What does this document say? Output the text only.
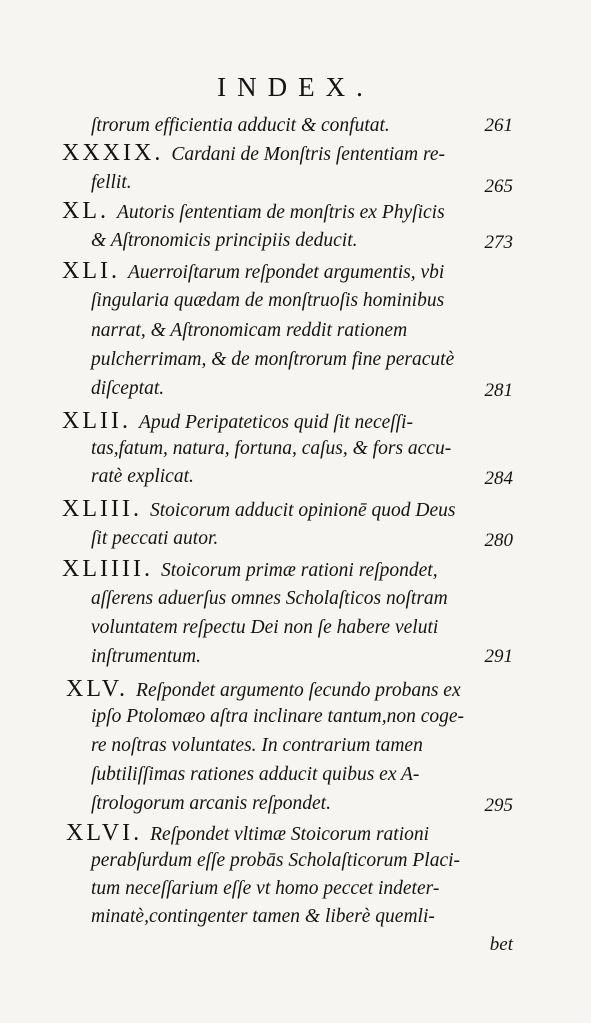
INDEX.
ſtrorum efficientia adducit & confutat.	261
XXXIX. Cardani de Monſtris ſententiam re-
fellit.	265
XL. Autoris ſententiam de monſtris ex Phyſicis
& Aſtronomicis principiis deducit.	273
XLI. Auerroiſtarum reſpondet argumentis, vbi
ſingularia quædam de monſtruoſis hominibus
narrat, & Aſtronomicam reddit rationem
pulcherrimam, & de monſtrorum fine peracutè
diſceptat.	281
XLII. Apud Peripateticos quid ſit neceſſi-
tas,fatum, natura, fortuna, caſus, & fors accu-
ratè explicat.	284
XLIII. Stoicorum adducit opinionē quod Deus
ſit peccati autor.	280
XLIIII. Stoicorum primæ rationi reſpondet,
aſſerens aduerſus omnes Scholaſticos noſtram
voluntatem reſpectu Dei non ſe habere veluti
inſtrumentum.	291
XLV. Reſpondet argumento ſecundo probans ex
ipſo Ptolomæo aſtra inclinare tantum,non coge-
re noſtras voluntates. In contrarium tamen
ſubtiliſſimas rationes adducit quibus ex A-
ſtrologorum arcanis reſpondet.	295
XLVI. Reſpondet vltimæ Stoicorum rationi
perabſurdum eſſe probās Scholaſticorum Placi-
tum neceſſarium eſſe vt homo peccet indeter-
minatè,contingenter tamen & liberè quemli-
bet
